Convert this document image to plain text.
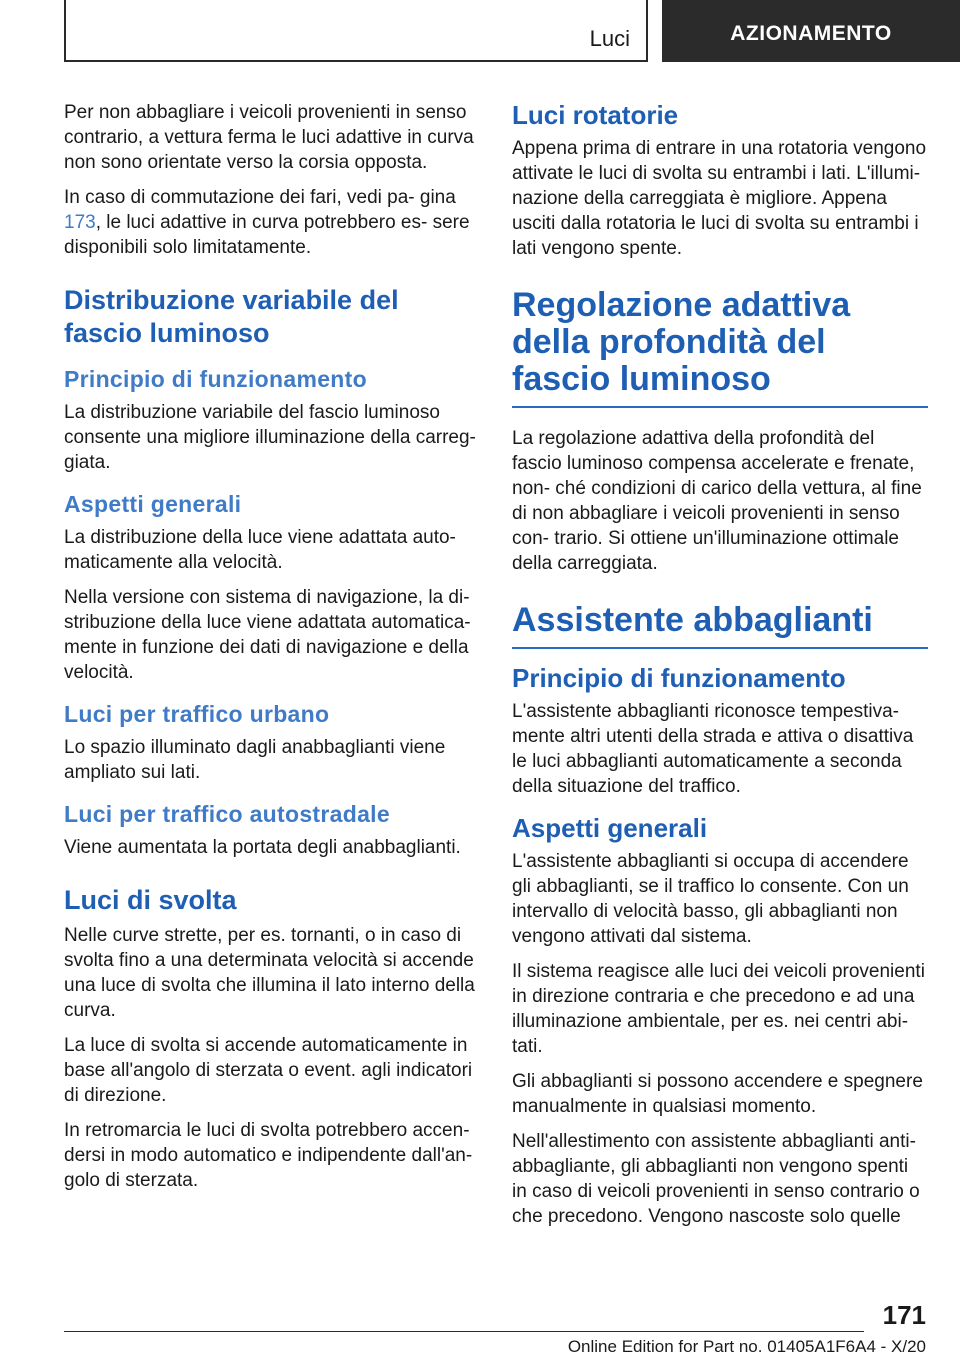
Luci	AZIONAMENTO

Per non abbagliare i veicoli provenienti in senso contrario, a vettura ferma le luci adattive in curva non sono orientate verso la corsia opposta.

In caso di commutazione dei fari, vedi pa- gina 173, le luci adattive in curva potrebbero es- sere disponibili solo limitatamente.

Distribuzione variabile del fascio luminoso
Principio di funzionamento

La distribuzione variabile del fascio luminoso consente una migliore illuminazione della carreg- giata.

Aspetti generali

La distribuzione della luce viene adattata auto- maticamente alla velocità.

Nella versione con sistema di navigazione, la di- stribuzione della luce viene adattata automatica- mente in funzione dei dati di navigazione e della velocità.

Luci per traffico urbano

Lo spazio illuminato dagli anabbaglianti viene ampliato sui lati.

Luci per traffico autostradale

Viene aumentata la portata degli anabbaglianti.

Luci di svolta

Nelle curve strette, per es. tornanti, o in caso di svolta fino a una determinata velocità si accende una luce di svolta che illumina il lato interno della curva.

La luce di svolta si accende automaticamente in base all'angolo di sterzata o event. agli indicatori di direzione.

In retromarcia le luci di svolta potrebbero accen- dersi in modo automatico e indipendente dall'an- golo di sterzata.

Luci rotatorie

Appena prima di entrare in una rotatoria vengono attivate le luci di svolta su entrambi i lati. L'illumi- nazione della carreggiata è migliore. Appena usciti dalla rotatoria le luci di svolta su entrambi i lati vengono spente.

Regolazione adattiva della profondità del fascio luminoso

La regolazione adattiva della profondità del fascio luminoso compensa accelerate e frenate, non- ché condizioni di carico della vettura, al fine di non abbagliare i veicoli provenienti in senso con- trario. Si ottiene un'illuminazione ottimale della carreggiata.

Assistente abbaglianti
Principio di funzionamento

L'assistente abbaglianti riconosce tempestiva- mente altri utenti della strada e attiva o disattiva le luci abbaglianti automaticamente a seconda della situazione del traffico.

Aspetti generali

L'assistente abbaglianti si occupa di accendere gli abbaglianti, se il traffico lo consente. Con un intervallo di velocità basso, gli abbaglianti non vengono attivati dal sistema.

Il sistema reagisce alle luci dei veicoli provenienti in direzione contraria e che precedono e ad una illuminazione ambientale, per es. nei centri abi- tati.

Gli abbaglianti si possono accendere e spegnere manualmente in qualsiasi momento.

Nell'allestimento con assistente abbaglianti anti- abbagliante, gli abbaglianti non vengono spenti in caso di veicoli provenienti in senso contrario o che precedono. Vengono nascoste solo quelle

171
Online Edition for Part no. 01405A1F6A4 - X/20
